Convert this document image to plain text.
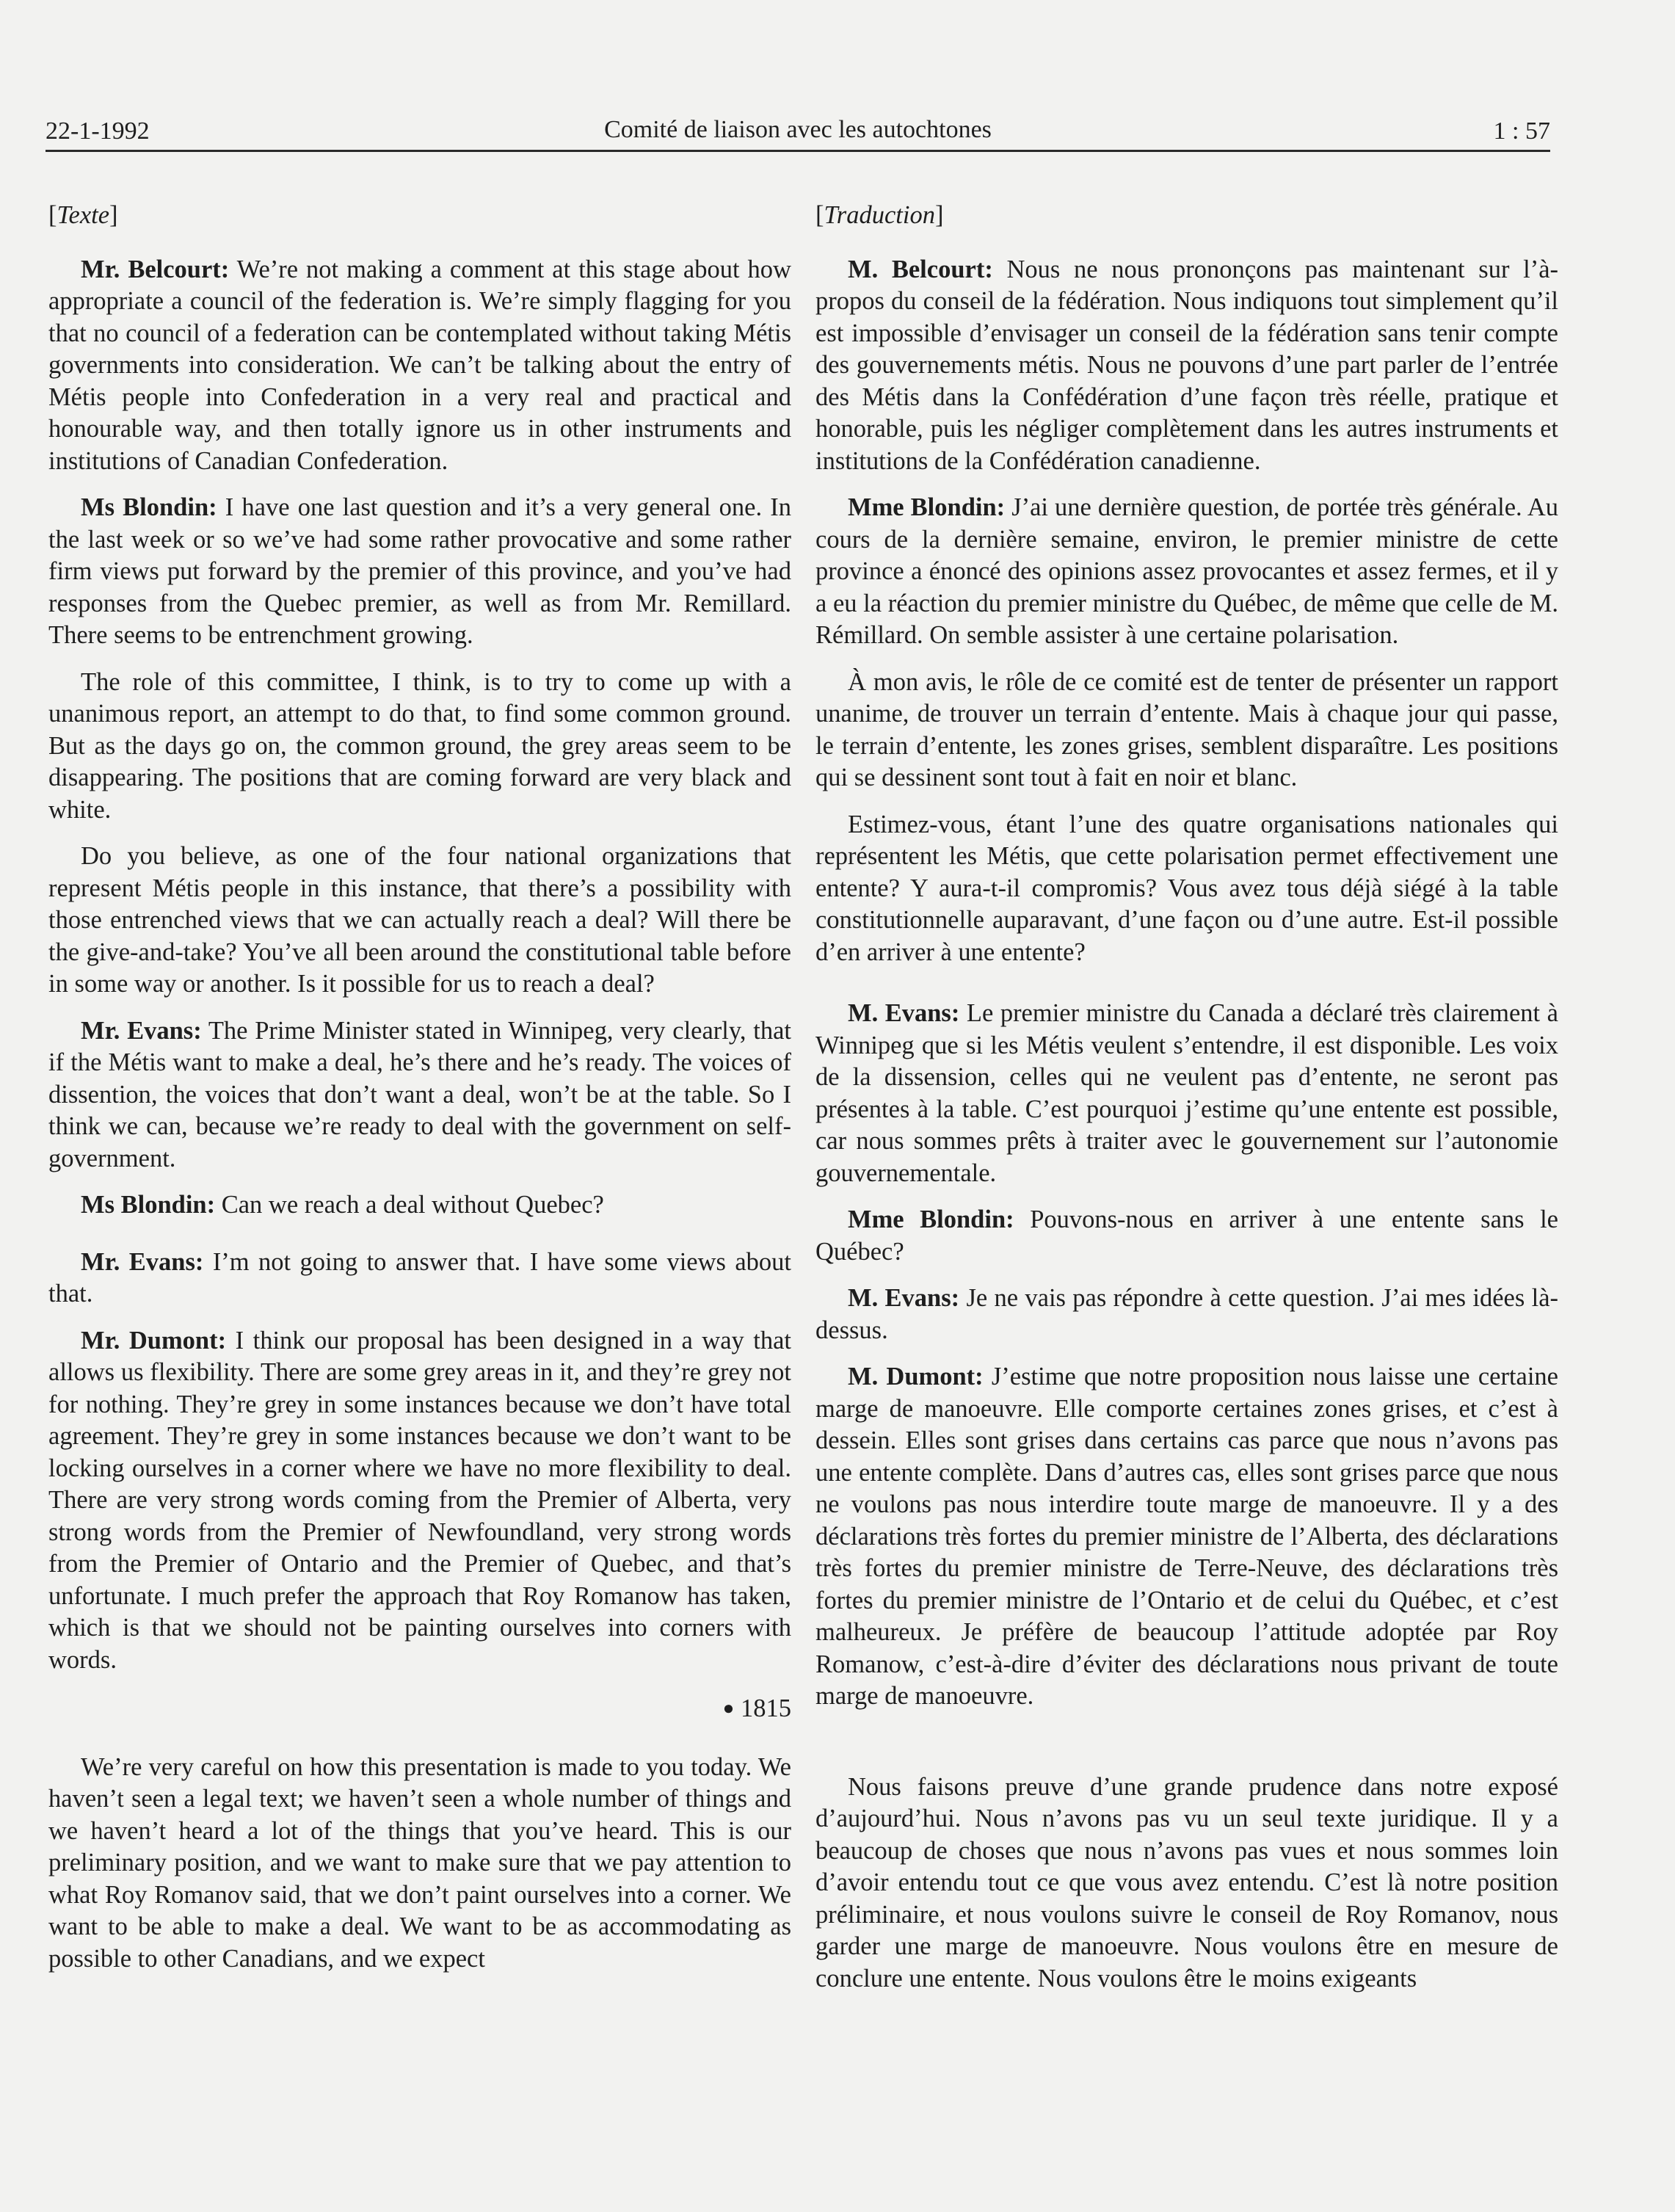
22-1-1992	Comité de liaison avec les autochtones	1 : 57
[Texte]

Mr. Belcourt: We’re not making a comment at this stage about how appropriate a council of the federation is. We’re simply flagging for you that no council of a federation can be contemplated without taking Métis governments into consideration. We can’t be talking about the entry of Métis people into Confederation in a very real and practical and honourable way, and then totally ignore us in other instruments and institutions of Canadian Confederation.

Ms Blondin: I have one last question and it’s a very general one. In the last week or so we’ve had some rather provocative and some rather firm views put forward by the premier of this province, and you’ve had responses from the Quebec premier, as well as from Mr. Remillard. There seems to be entrenchment growing.

The role of this committee, I think, is to try to come up with a unanimous report, an attempt to do that, to find some common ground. But as the days go on, the common ground, the grey areas seem to be disappearing. The positions that are coming forward are very black and white.

Do you believe, as one of the four national organizations that represent Métis people in this instance, that there’s a possibility with those entrenched views that we can actually reach a deal? Will there be the give-and-take? You’ve all been around the constitutional table before in some way or another. Is it possible for us to reach a deal?

Mr. Evans: The Prime Minister stated in Winnipeg, very clearly, that if the Métis want to make a deal, he’s there and he’s ready. The voices of dissention, the voices that don’t want a deal, won’t be at the table. So I think we can, because we’re ready to deal with the government on self-government.

Ms Blondin: Can we reach a deal without Quebec?

Mr. Evans: I’m not going to answer that. I have some views about that.

Mr. Dumont: I think our proposal has been designed in a way that allows us flexibility. There are some grey areas in it, and they’re grey not for nothing. They’re grey in some instances because we don’t have total agreement. They’re grey in some instances because we don’t want to be locking ourselves in a corner where we have no more flexibility to deal. There are very strong words coming from the Premier of Alberta, very strong words from the Premier of Newfoundland, very strong words from the Premier of Ontario and the Premier of Quebec, and that’s unfortunate. I much prefer the approach that Roy Romanow has taken, which is that we should not be painting ourselves into corners with words.

● 1815

We’re very careful on how this presentation is made to you today. We haven’t seen a legal text; we haven’t seen a whole number of things and we haven’t heard a lot of the things that you’ve heard. This is our preliminary position, and we want to make sure that we pay attention to what Roy Romanov said, that we don’t paint ourselves into a corner. We want to be able to make a deal. We want to be as accommodating as possible to other Canadians, and we expect

[Traduction]

M. Belcourt: Nous ne nous prononçons pas maintenant sur l’à-propos du conseil de la fédération. Nous indiquons tout simplement qu’il est impossible d’envisager un conseil de la fédération sans tenir compte des gouvernements métis. Nous ne pouvons d’une part parler de l’entrée des Métis dans la Confédération d’une façon très réelle, pratique et honorable, puis les négliger complètement dans les autres instruments et institutions de la Confédération canadienne.

Mme Blondin: J’ai une dernière question, de portée très générale. Au cours de la dernière semaine, environ, le premier ministre de cette province a énoncé des opinions assez provocantes et assez fermes, et il y a eu la réaction du premier ministre du Québec, de même que celle de M. Rémillard. On semble assister à une certaine polarisation.

À mon avis, le rôle de ce comité est de tenter de présenter un rapport unanime, de trouver un terrain d’entente. Mais à chaque jour qui passe, le terrain d’entente, les zones grises, semblent disparaître. Les positions qui se dessinent sont tout à fait en noir et blanc.

Estimez-vous, étant l’une des quatre organisations nationales qui représentent les Métis, que cette polarisation permet effectivement une entente? Y aura-t-il compromis? Vous avez tous déjà siégé à la table constitutionnelle auparavant, d’une façon ou d’une autre. Est-il possible d’en arriver à une entente?

M. Evans: Le premier ministre du Canada a déclaré très clairement à Winnipeg que si les Métis veulent s’entendre, il est disponible. Les voix de la dissension, celles qui ne veulent pas d’entente, ne seront pas présentes à la table. C’est pourquoi j’estime qu’une entente est possible, car nous sommes prêts à traiter avec le gouvernement sur l’autonomie gouvernementale.

Mme Blondin: Pouvons-nous en arriver à une entente sans le Québec?

M. Evans: Je ne vais pas répondre à cette question. J’ai mes idées là-dessus.

M. Dumont: J’estime que notre proposition nous laisse une certaine marge de manoeuvre. Elle comporte certaines zones grises, et c’est à dessein. Elles sont grises dans certains cas parce que nous n’avons pas une entente complète. Dans d’autres cas, elles sont grises parce que nous ne voulons pas nous interdire toute marge de manoeuvre. Il y a des déclarations très fortes du premier ministre de l’Alberta, des déclarations très fortes du premier ministre de Terre-Neuve, des déclarations très fortes du premier ministre de l’Ontario et de celui du Québec, et c’est malheureux. Je préfère de beaucoup l’attitude adoptée par Roy Romanow, c’est-à-dire d’éviter des déclarations nous privant de toute marge de manoeuvre.

Nous faisons preuve d’une grande prudence dans notre exposé d’aujourd’hui. Nous n’avons pas vu un seul texte juridique. Il y a beaucoup de choses que nous n’avons pas vues et nous sommes loin d’avoir entendu tout ce que vous avez entendu. C’est là notre position préliminaire, et nous voulons suivre le conseil de Roy Romanov, nous garder une marge de manoeuvre. Nous voulons être en mesure de conclure une entente. Nous voulons être le moins exigeants
